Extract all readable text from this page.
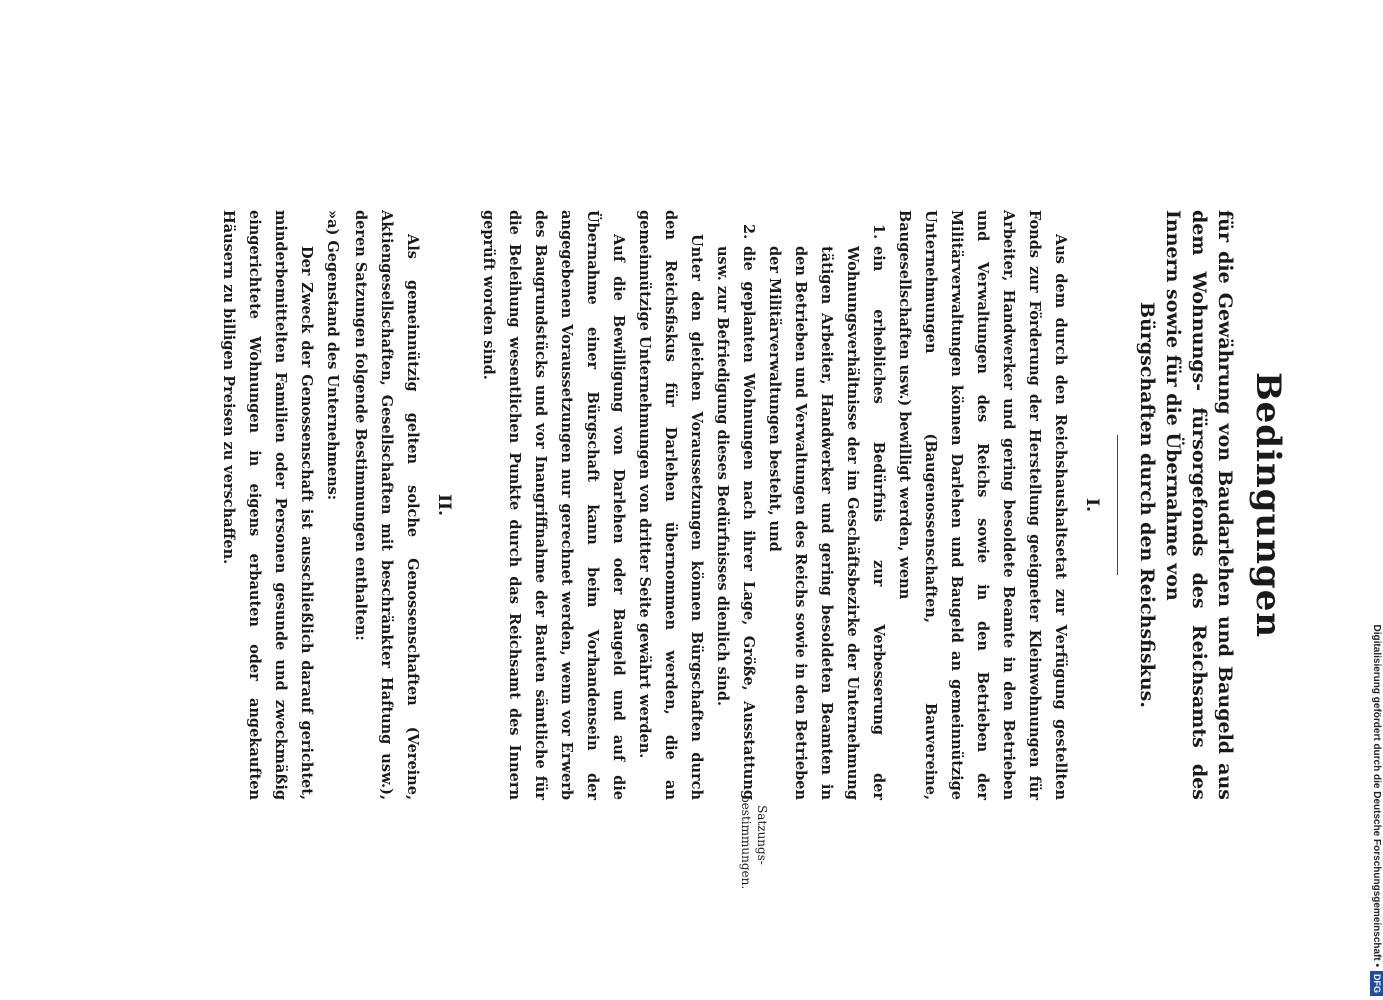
Bedingungen
für die Gewährung von Baudarlehen und Baugeld aus dem Wohnungs- fürsorgefonds des Reichsamts des Innern sowie für die Übernahme von
Bürgschaften durch den Reichsfiskus.
I.

Aus dem durch den Reichshaushaltsetat zur Verfügung gestellten Fonds zur Förderung der Herstellung geeigneter Kleinwohnungen für Arbeiter, Handwerker und gering besoldete Beamte in den Betrieben und Verwaltungen des Reichs sowie in den Betrieben der Militärverwaltungen können Darlehen und Baugeld an gemeinnützige Unternehmungen (Baugenossenschaften, Bauvereine, Baugesellschaften usw.) bewilligt werden, wenn

1.ein erhebliches Bedürfnis zur Verbesserung der Wohnungsverhältnisse der im Geschäftsbezirke der Unternehmung tätigen Arbeiter, Handwerker und gering besoldeten Beamten in den Betrieben und Verwaltungen des Reichs sowie in den Betrieben der Militärverwaltungen besteht, und
2.die geplanten Wohnungen nach ihrer Lage, Größe, Ausstattung usw. zur Befriedigung dieses Bedürfnisses dienlich sind.

Unter den gleichen Voraussetzungen können Bürgschaften durch den Reichsfiskus für Darlehen übernommen werden, die an gemeinnützige Unternehmungen von dritter Seite gewährt werden.

Auf die Bewilligung von Darlehen oder Baugeld und auf die Übernahme einer Bürgschaft kann beim Vorhandensein der angegebenen Voraussetzungen nur gerechnet werden, wenn vor Erwerb des Baugrundstücks und vor Inangriffnahme der Bauten sämtliche für die Beleihung wesentlichen Punkte durch das Reichsamt des Innern geprüft worden sind.

II.

Als gemeinnützig gelten solche Genossenschaften (Vereine, Aktiengesellschaften, Gesellschaften mit beschränkter Haftung usw.), deren Satzungen folgende Bestimmungen enthalten:

»a) Gegenstand des Unternehmens:

Der Zweck der Genossenschaft ist ausschließlich darauf gerichtet, minderbemittelten Familien oder Personen gesunde und zweckmäßig eingerichtete Wohnungen in eigens erbauten oder angekauften Häusern zu billigen Preisen zu verschaffen.

Satzungs-bestimmungen.	Digitalisierung gefördert durch die Deutsche Forschungsgemeinschaft •DFG
